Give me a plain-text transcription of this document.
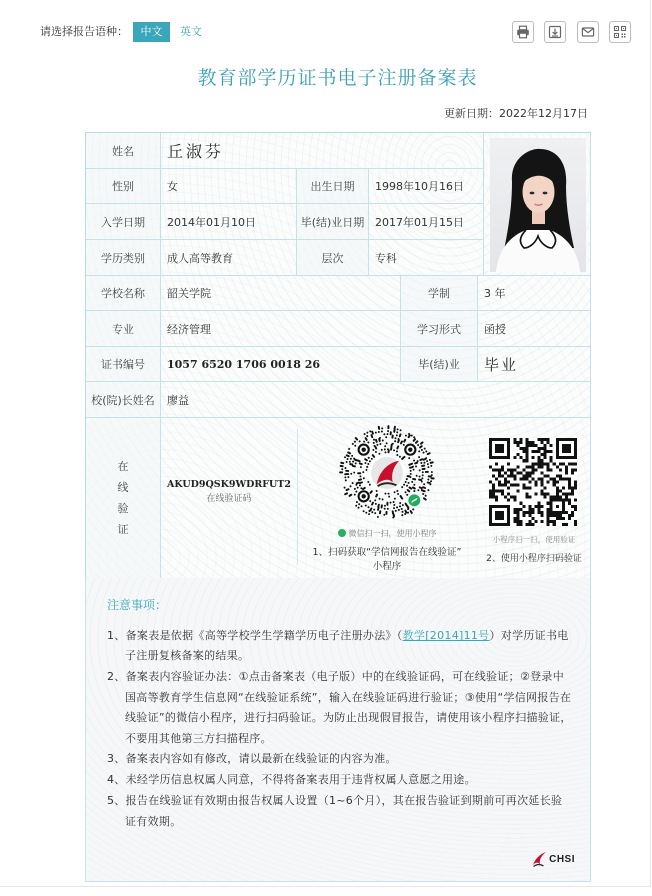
请选择报告语种：	中文	英文
教育部学历证书电子注册备案表
更新日期：2022年12月17日
姓名	丘淑芬
性别	女	出生日期	1998年10月16日
入学日期	2014年01月10日	毕(结)业日期 2017年01月15日
学历类别	成人高等教育	层次	专科
学校名称	韶关学院	学制	3 年
专业	经济管理	学习形式	函授
证书编号	1057 6520 1706 0018 26	毕(结)业	毕业
校(院)长姓名	廖益
在
线
验
证
AKUD9QSK9WDRFUT2
在线验证码
微信扫一扫，使用小程序
1、扫码获取“学信网报告在线验证”
小程序
小程序扫一扫，使用验证
2、使用小程序扫码验证
注意事项：
1、备案表是依据《高等学校学生学籍学历电子注册办法》（教学[2014]11号）对学历证书电子注册复核备案的结果。
2、备案表内容验证办法：①点击备案表（电子版）中的在线验证码，可在线验证；②登录中国高等教育学生信息网“在线验证系统”，输入在线验证码进行验证；③使用“学信网报告在线验证”的微信小程序，进行扫码验证。为防止出现假冒报告，请使用该小程序扫描验证，不要用其他第三方扫描程序。
3、备案表内容如有修改，请以最新在线验证的内容为准。
4、未经学历信息权属人同意，不得将备案表用于违背权属人意愿之用途。
5、报告在线验证有效期由报告权属人设置（1~6个月），其在报告验证到期前可再次延长验证有效期。
CHSI
